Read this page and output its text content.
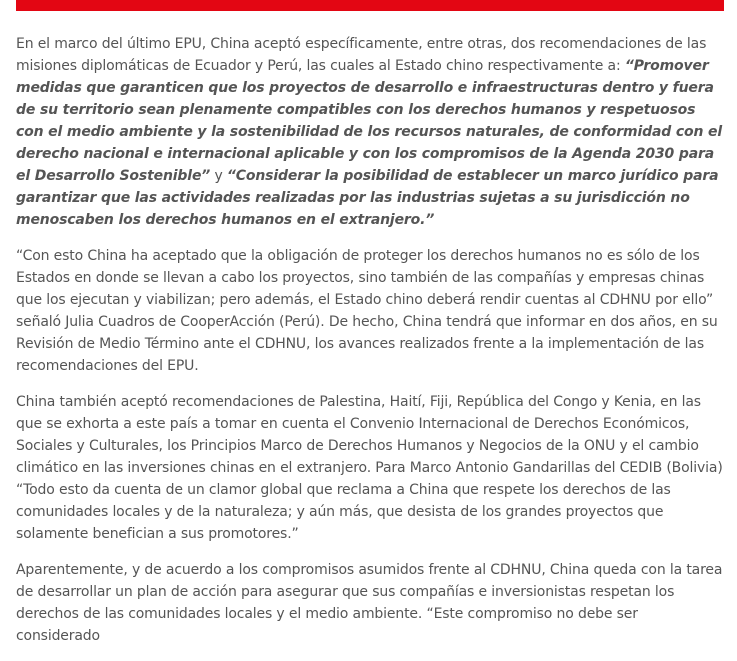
En el marco del último EPU, China aceptó específicamente, entre otras, dos recomendaciones de las misiones diplomáticas de Ecuador y Perú, las cuales al Estado chino respectivamente a: “Promover medidas que garanticen que los proyectos de desarrollo e infraestructuras dentro y fuera de su territorio sean plenamente compatibles con los derechos humanos y respetuosos con el medio ambiente y la sostenibilidad de los recursos naturales, de conformidad con el derecho nacional e internacional aplicable y con los compromisos de la Agenda 2030 para el Desarrollo Sostenible” y “Considerar la posibilidad de establecer un marco jurídico para garantizar que las actividades realizadas por las industrias sujetas a su jurisdicción no menoscaben los derechos humanos en el extranjero.”

“Con esto China ha aceptado que la obligación de proteger los derechos humanos no es sólo de los Estados en donde se llevan a cabo los proyectos, sino también de las compañías y empresas chinas que los ejecutan y viabilizan; pero además, el Estado chino deberá rendir cuentas al CDHNU por ello” señaló Julia Cuadros de CooperAcción (Perú). De hecho, China tendrá que informar en dos años, en su Revisión de Medio Término ante el CDHNU, los avances realizados frente a la implementación de las recomendaciones del EPU.

China también aceptó recomendaciones de Palestina, Haití, Fiji, República del Congo y Kenia, en las que se exhorta a este país a tomar en cuenta el Convenio Internacional de Derechos Económicos, Sociales y Culturales, los Principios Marco de Derechos Humanos y Negocios de la ONU y el cambio climático en las inversiones chinas en el extranjero. Para Marco Antonio Gandarillas del CEDIB (Bolivia) “Todo esto da cuenta de un clamor global que reclama a China que respete los derechos de las comunidades locales y de la naturaleza; y aún más, que desista de los grandes proyectos que solamente benefician a sus promotores.”

Aparentemente, y de acuerdo a los compromisos asumidos frente al CDHNU, China queda con la tarea de desarrollar un plan de acción para asegurar que sus compañías e inversionistas respetan los derechos de las comunidades locales y el medio ambiente. “Este compromiso no debe ser considerado
